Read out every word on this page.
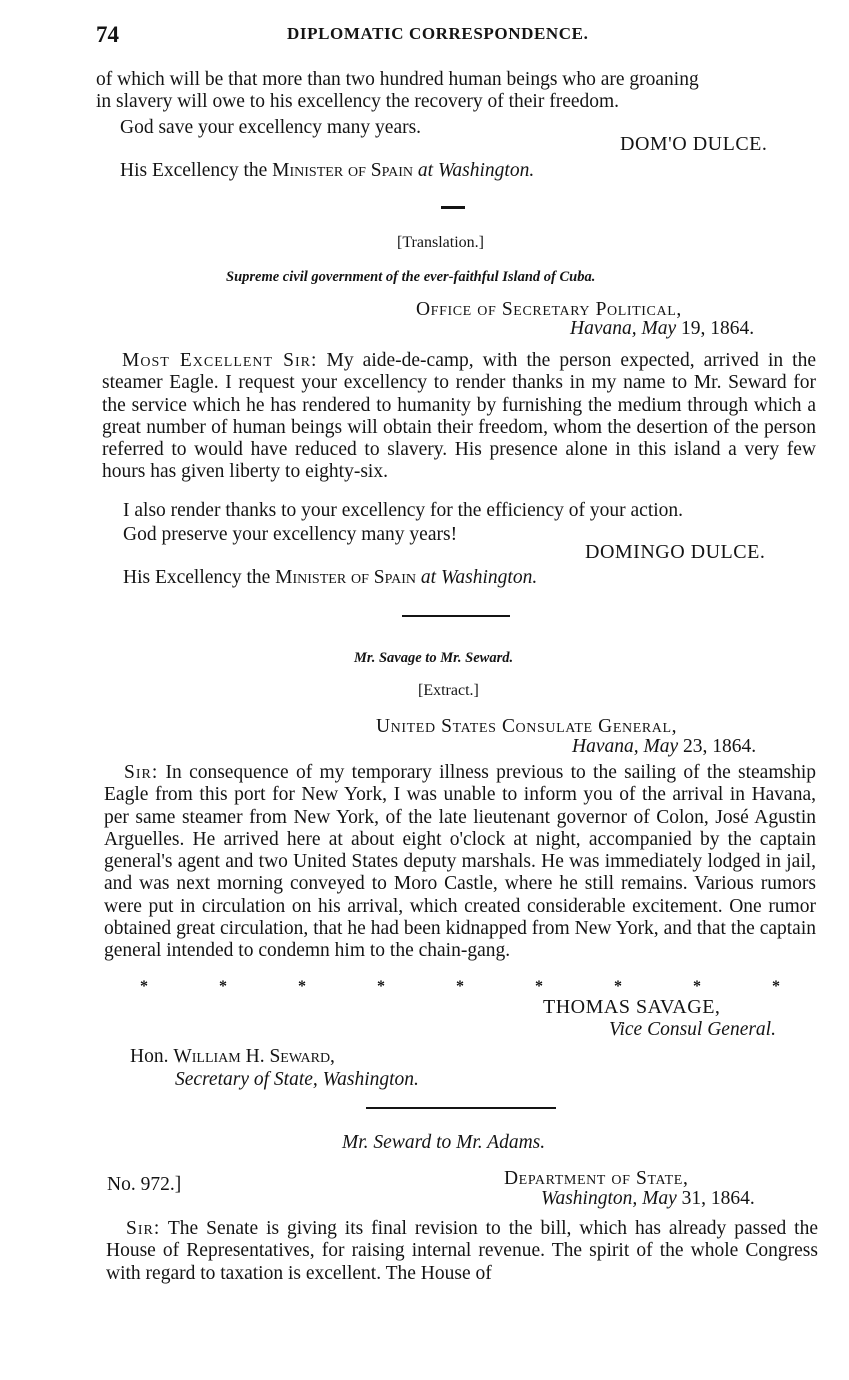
74	DIPLOMATIC CORRESPONDENCE.
of which will be that more than two hundred human beings who are groaning
in slavery will owe to his excellency the recovery of their freedom.
God save your excellency many years.
DOM'O DULCE.
His Excellency the Minister of Spain at Washington.
[Translation.]
Supreme civil government of the ever-faithful Island of Cuba.
Office of Secretary Political,
Havana, May 19, 1864.
Most Excellent Sir: My aide-de-camp, with the person expected, arrived in the steamer Eagle. I request your excellency to render thanks in my name to Mr. Seward for the service which he has rendered to humanity by furnishing the medium through which a great number of human beings will obtain their freedom, whom the desertion of the person referred to would have reduced to slavery. His presence alone in this island a very few hours has given liberty to eighty-six.
I also render thanks to your excellency for the efficiency of your action.
God preserve your excellency many years!
DOMINGO DULCE.
His Excellency the Minister of Spain at Washington.
Mr. Savage to Mr. Seward.
[Extract.]
United States Consulate General,
Havana, May 23, 1864.
Sir: In consequence of my temporary illness previous to the sailing of the steamship Eagle from this port for New York, I was unable to inform you of the arrival in Havana, per same steamer from New York, of the late lieutenant governor of Colon, José Agustin Arguelles. He arrived here at about eight o'clock at night, accompanied by the captain general's agent and two United States deputy marshals. He was immediately lodged in jail, and was next morning conveyed to Moro Castle, where he still remains. Various rumors were put in circulation on his arrival, which created considerable excitement. One rumor obtained great circulation, that he had been kidnapped from New York, and that the captain general intended to condemn him to the chain-gang.
*	*	*	*	*	*	*	*	*
THOMAS SAVAGE,
Vice Consul General.
Hon. William H. Seward,
Secretary of State, Washington.
Mr. Seward to Mr. Adams.
No. 972.]	Department of State,
Washington, May 31, 1864.
Sir: The Senate is giving its final revision to the bill, which has already passed the House of Representatives, for raising internal revenue. The spirit of the whole Congress with regard to taxation is excellent. The House of
